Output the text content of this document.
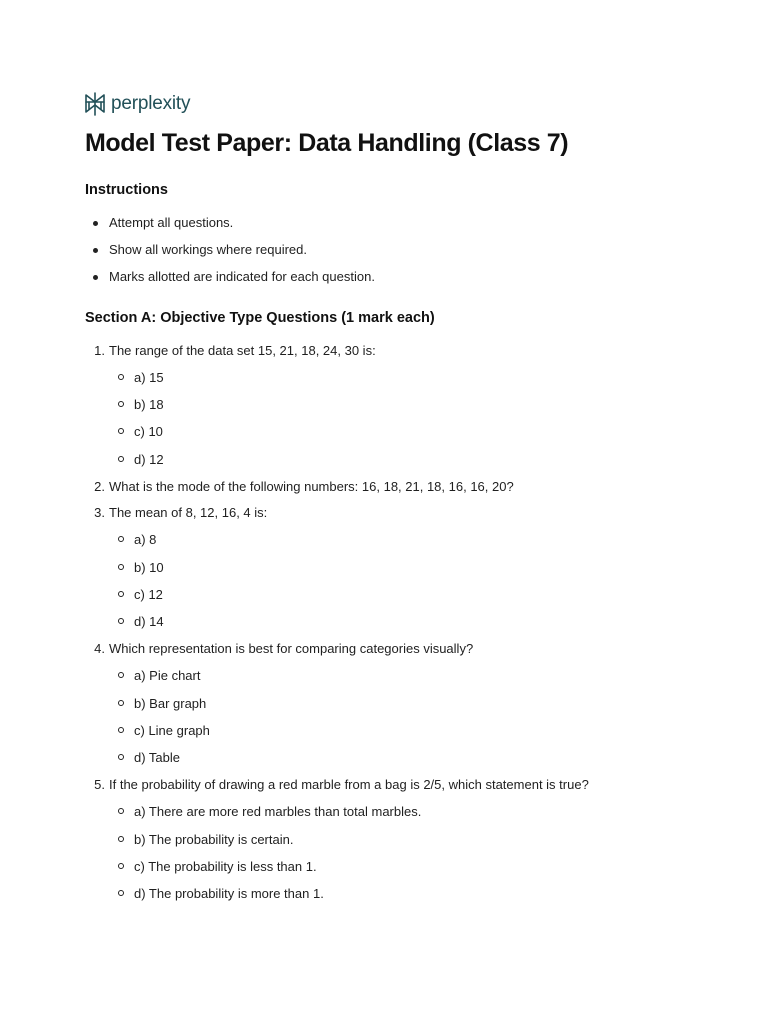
perplexity
Model Test Paper: Data Handling (Class 7)
Instructions
Attempt all questions.
Show all workings where required.
Marks allotted are indicated for each question.
Section A: Objective Type Questions (1 mark each)
1. The range of the data set 15, 21, 18, 24, 30 is:
a) 15
b) 18
c) 10
d) 12
2. What is the mode of the following numbers: 16, 18, 21, 18, 16, 16, 20?
3. The mean of 8, 12, 16, 4 is:
a) 8
b) 10
c) 12
d) 14
4. Which representation is best for comparing categories visually?
a) Pie chart
b) Bar graph
c) Line graph
d) Table
5. If the probability of drawing a red marble from a bag is 2/5, which statement is true?
a) There are more red marbles than total marbles.
b) The probability is certain.
c) The probability is less than 1.
d) The probability is more than 1.
